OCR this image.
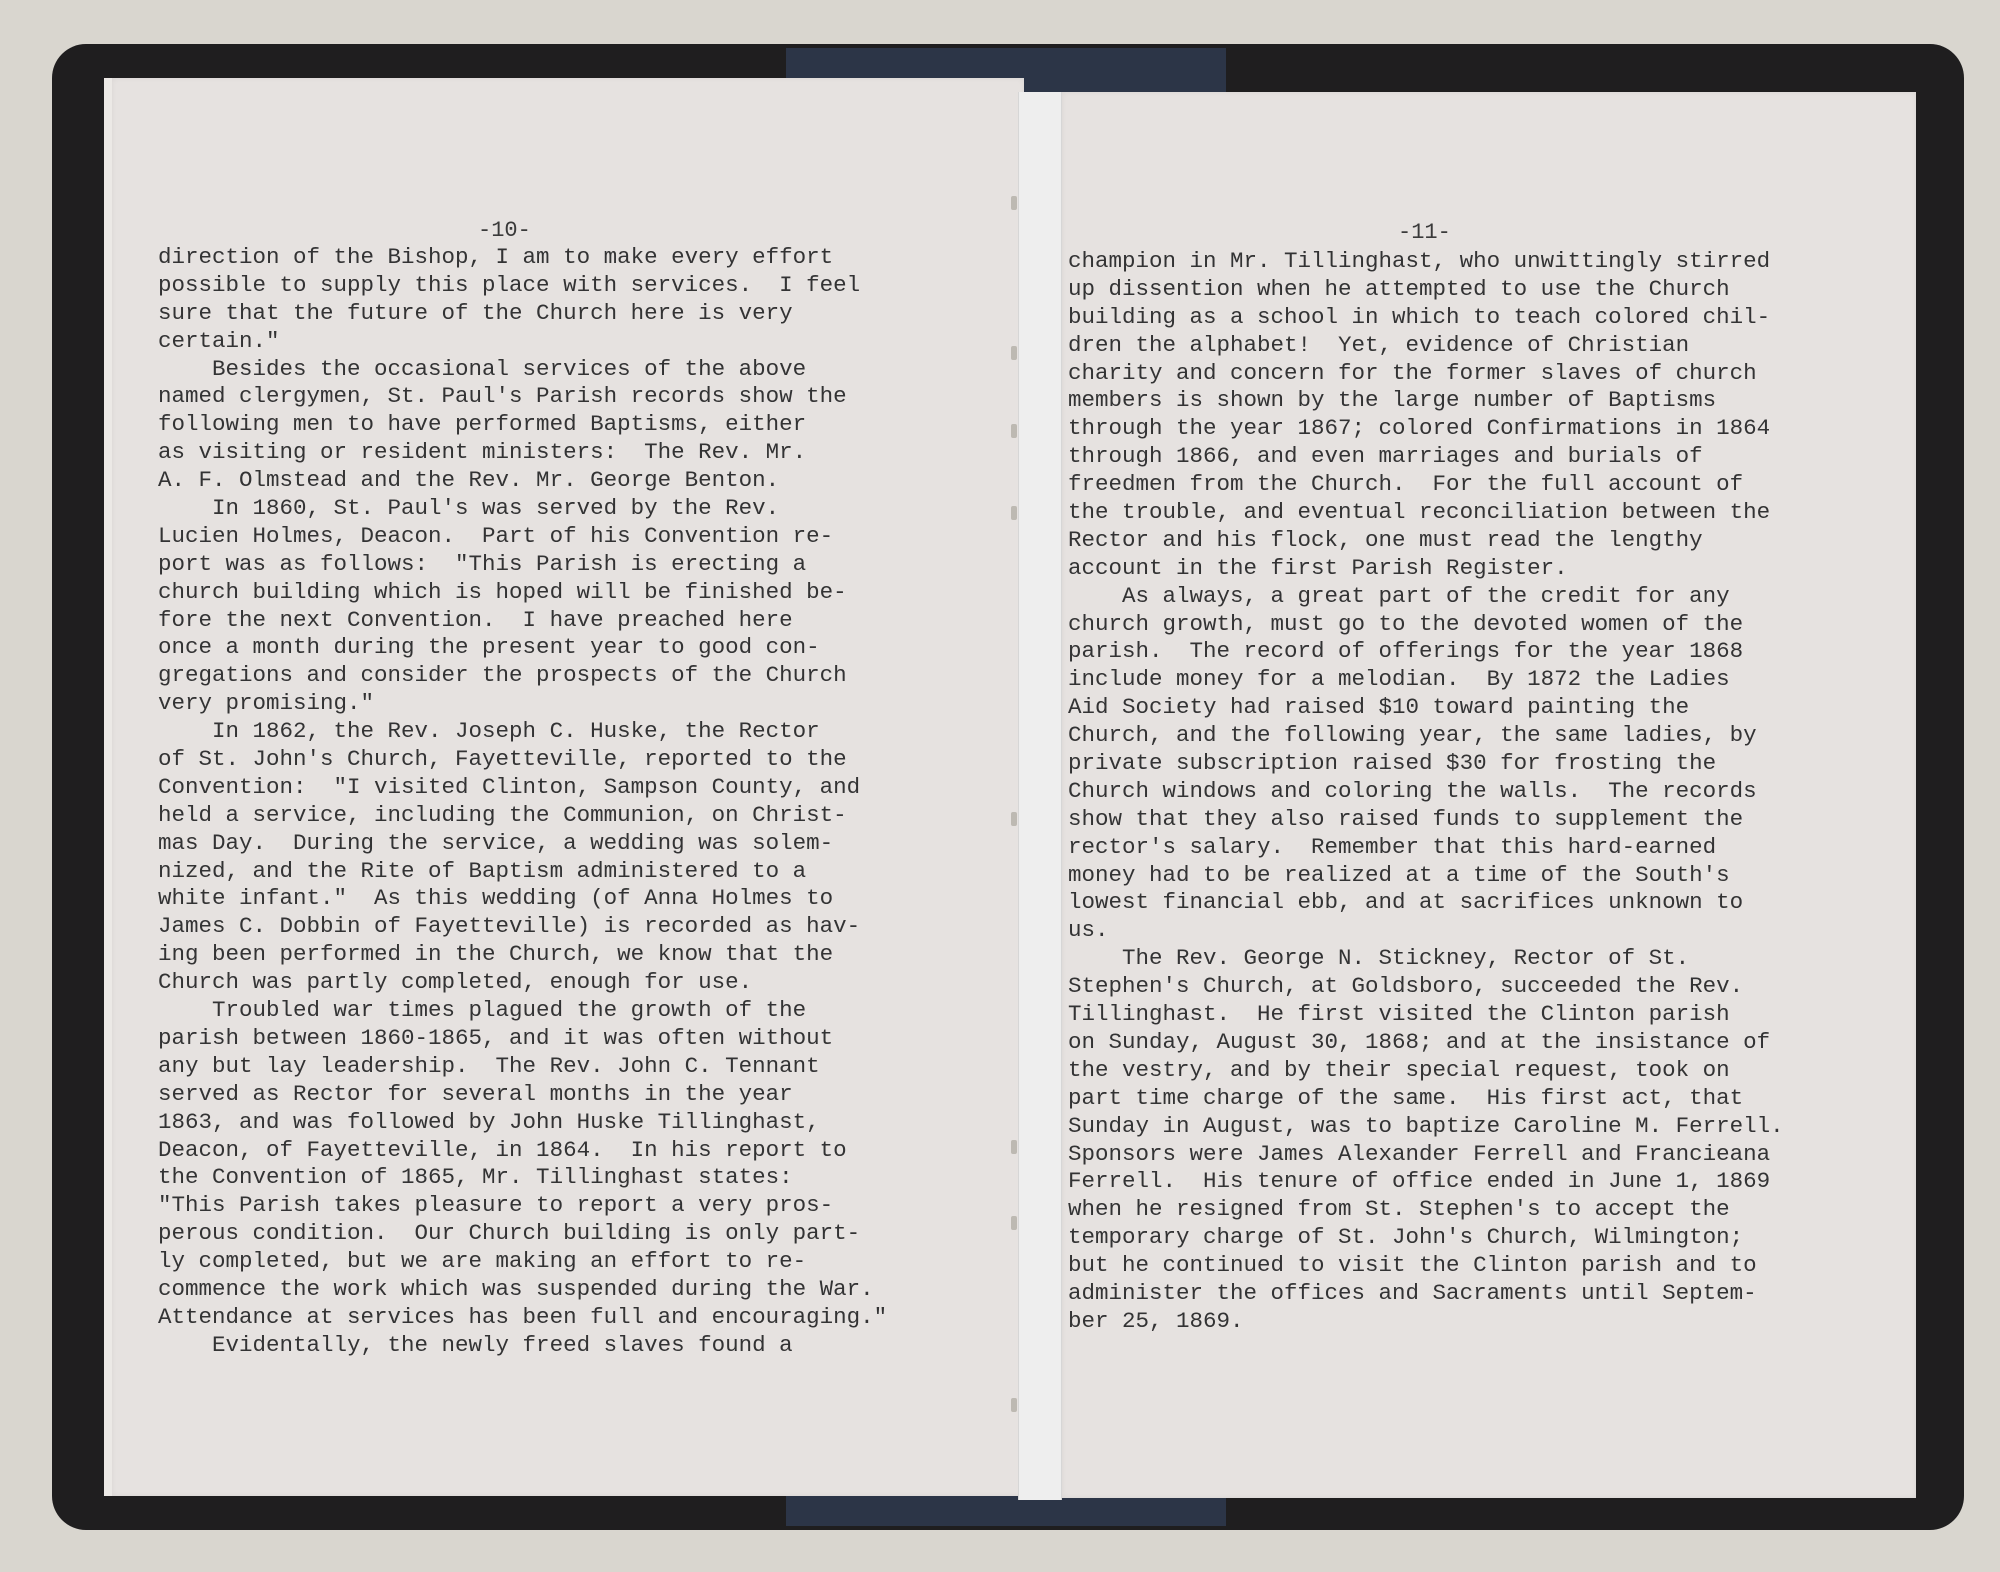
-10-
direction of the Bishop, I am to make every effort
possible to supply this place with services.  I feel
sure that the future of the Church here is very
certain."
Besides the occasional services of the above
named clergymen, St. Paul's Parish records show the
following men to have performed Baptisms, either
as visiting or resident ministers:  The Rev. Mr.
A. F. Olmstead and the Rev. Mr. George Benton.
In 1860, St. Paul's was served by the Rev.
Lucien Holmes, Deacon.  Part of his Convention re-
port was as follows:  "This Parish is erecting a
church building which is hoped will be finished be-
fore the next Convention.  I have preached here
once a month during the present year to good con-
gregations and consider the prospects of the Church
very promising."
In 1862, the Rev. Joseph C. Huske, the Rector
of St. John's Church, Fayetteville, reported to the
Convention:  "I visited Clinton, Sampson County, and
held a service, including the Communion, on Christ-
mas Day.  During the service, a wedding was solem-
nized, and the Rite of Baptism administered to a
white infant."  As this wedding (of Anna Holmes to
James C. Dobbin of Fayetteville) is recorded as hav-
ing been performed in the Church, we know that the
Church was partly completed, enough for use.
Troubled war times plagued the growth of the
parish between 1860-1865, and it was often without
any but lay leadership.  The Rev. John C. Tennant
served as Rector for several months in the year
1863, and was followed by John Huske Tillinghast,
Deacon, of Fayetteville, in 1864.  In his report to
the Convention of 1865, Mr. Tillinghast states:
"This Parish takes pleasure to report a very pros-
perous condition.  Our Church building is only part-
ly completed, but we are making an effort to re-
commence the work which was suspended during the War.
Attendance at services has been full and encouraging."
Evidentally, the newly freed slaves found a
-11-
champion in Mr. Tillinghast, who unwittingly stirred
up dissention when he attempted to use the Church
building as a school in which to teach colored chil-
dren the alphabet!  Yet, evidence of Christian
charity and concern for the former slaves of church
members is shown by the large number of Baptisms
through the year 1867; colored Confirmations in 1864
through 1866, and even marriages and burials of
freedmen from the Church.  For the full account of
the trouble, and eventual reconciliation between the
Rector and his flock, one must read the lengthy
account in the first Parish Register.
As always, a great part of the credit for any
church growth, must go to the devoted women of the
parish.  The record of offerings for the year 1868
include money for a melodian.  By 1872 the Ladies
Aid Society had raised $10 toward painting the
Church, and the following year, the same ladies, by
private subscription raised $30 for frosting the
Church windows and coloring the walls.  The records
show that they also raised funds to supplement the
rector's salary.  Remember that this hard-earned
money had to be realized at a time of the South's
lowest financial ebb, and at sacrifices unknown to
us.
The Rev. George N. Stickney, Rector of St.
Stephen's Church, at Goldsboro, succeeded the Rev.
Tillinghast.  He first visited the Clinton parish
on Sunday, August 30, 1868; and at the insistance of
the vestry, and by their special request, took on
part time charge of the same.  His first act, that
Sunday in August, was to baptize Caroline M. Ferrell.
Sponsors were James Alexander Ferrell and Francieana
Ferrell.  His tenure of office ended in June 1, 1869
when he resigned from St. Stephen's to accept the
temporary charge of St. John's Church, Wilmington;
but he continued to visit the Clinton parish and to
administer the offices and Sacraments until Septem-
ber 25, 1869.
